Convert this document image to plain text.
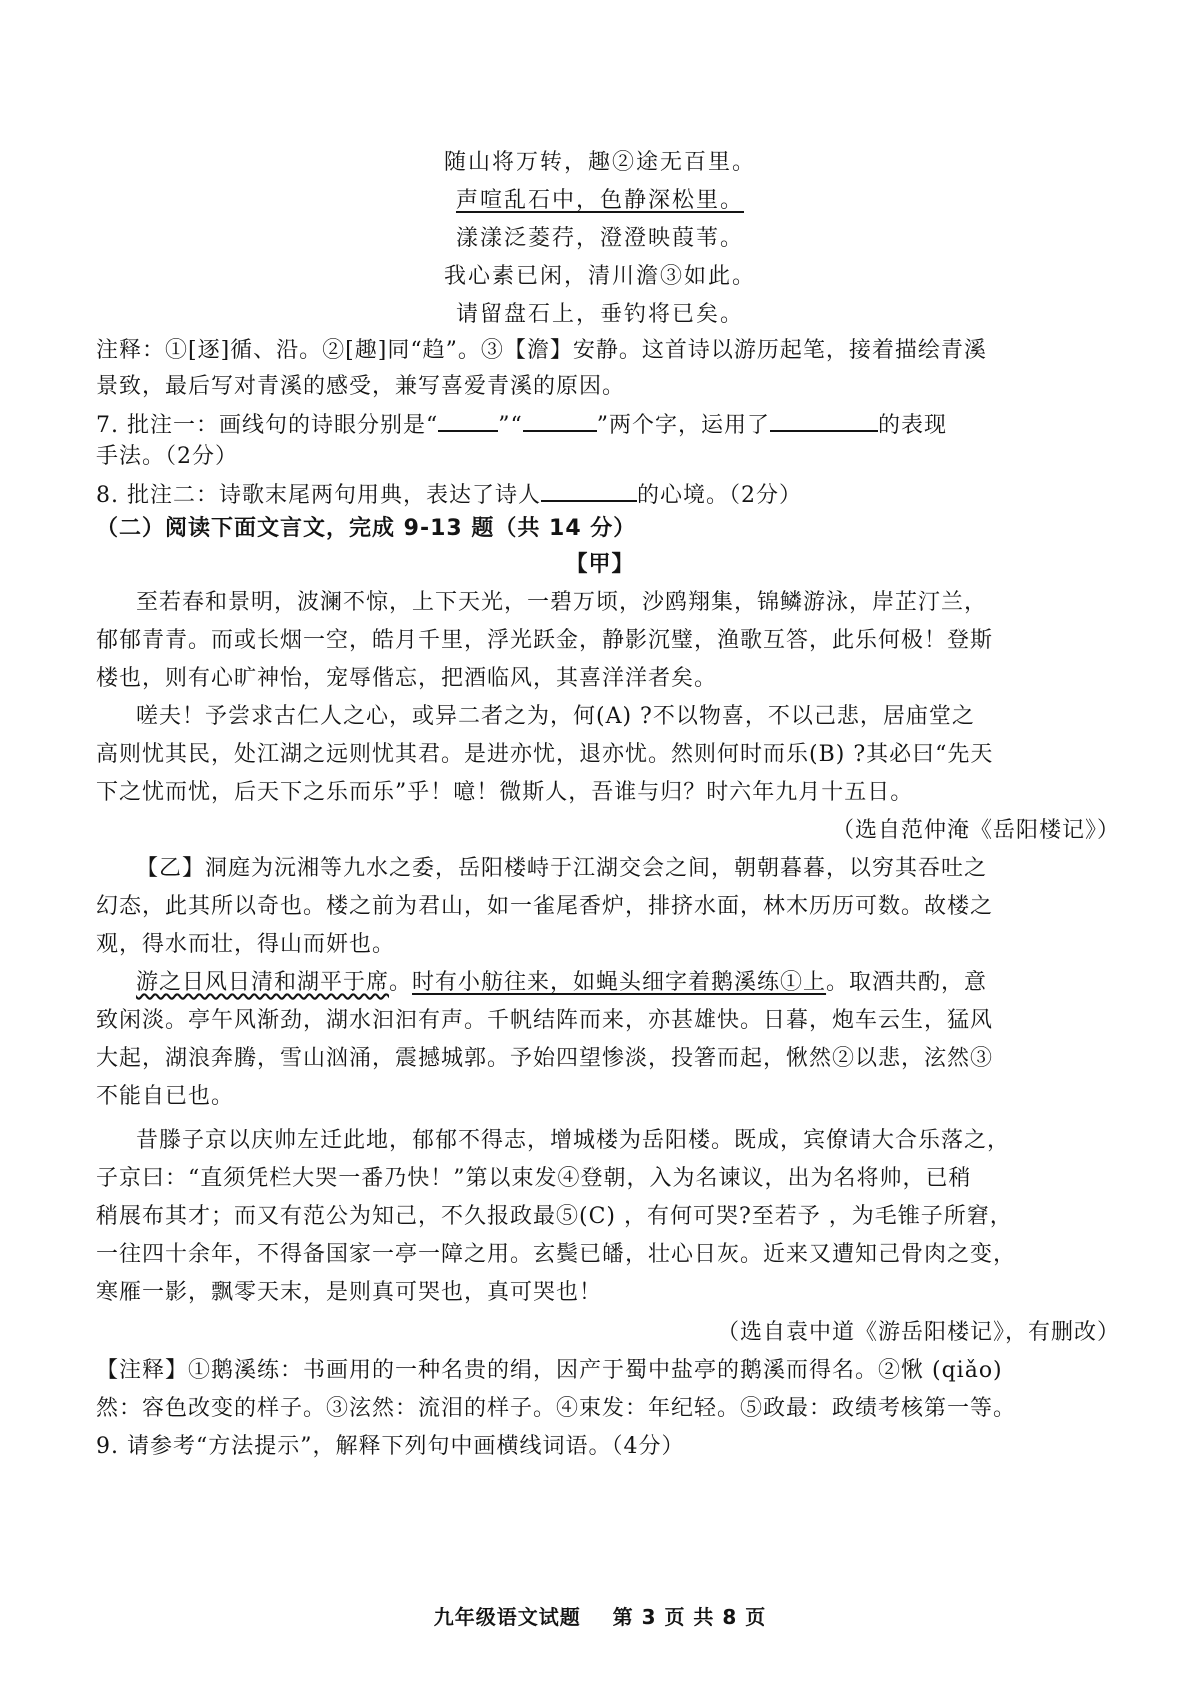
随山将万转，趣②途无百里。
声喧乱石中，色静深松里。
漾漾泛菱荇，澄澄映葭苇。
我心素已闲，清川澹③如此。
请留盘石上，垂钓将已矣。
注释：①[逐]循、沿。②[趣]同“趋”。③【澹】安静。这首诗以游历起笔，接着描绘青溪
景致，最后写对青溪的感受，兼写喜爱青溪的原因。
7. 批注一：画线句的诗眼分别是“	”“	”两个字，运用了	的表现
手法。（2分）
8. 批注二：诗歌末尾两句用典，表达了诗人	的心境。（2分）
（二）阅读下面文言文，完成 9-13 题（共 14 分）
【甲】
至若春和景明，波澜不惊，上下天光，一碧万顷，沙鸥翔集，锦鳞游泳，岸芷汀兰，
郁郁青青。而或长烟一空，皓月千里，浮光跃金，静影沉璧，渔歌互答，此乐何极！登斯
楼也，则有心旷神怡，宠辱偕忘，把酒临风，其喜洋洋者矣。
嗟夫！予尝求古仁人之心，或异二者之为，何(A) ?不以物喜，不以己悲，居庙堂之
高则忧其民，处江湖之远则忧其君。是进亦忧，退亦忧。然则何时而乐(B) ?其必曰“先天
下之忧而忧，后天下之乐而乐”乎！噫！微斯人，吾谁与归？时六年九月十五日。
（选自范仲淹《岳阳楼记》）
【乙】洞庭为沅湘等九水之委，岳阳楼峙于江湖交会之间，朝朝暮暮，以穷其吞吐之
幻态，此其所以奇也。楼之前为君山，如一雀尾香炉，排挤水面，林木历历可数。故楼之
观，得水而壮，得山而妍也。
游之日风日清和湖平于席。时有小舫往来，如蝇头细字着鹅溪练①上。取酒共酌，意
致闲淡。亭午风渐劲，湖水汩汩有声。千帆结阵而来，亦甚雄快。日暮，炮车云生，猛风
大起，湖浪奔腾，雪山汹涌，震撼城郭。予始四望惨淡，投箸而起，愀然②以悲，泫然③
不能自已也。
昔滕子京以庆帅左迁此地，郁郁不得志，增城楼为岳阳楼。既成，宾僚请大合乐落之，
子京曰：“直须凭栏大哭一番乃快！”第以束发④登朝，入为名谏议，出为名将帅，已稍
稍展布其才；而又有范公为知己，不久报政最⑤(C) ，有何可哭?至若予 ，为毛锥子所窘，
一往四十余年，不得备国家一亭一障之用。玄鬓已皤，壮心日灰。近来又遭知己骨肉之变，
寒雁一影，飘零天末，是则真可哭也，真可哭也！
（选自袁中道《游岳阳楼记》，有删改）
【注释】①鹅溪练：书画用的一种名贵的绢，因产于蜀中盐亭的鹅溪而得名。②愀 (qiǎo)
然：容色改变的样子。③泫然：流泪的样子。④束发：年纪轻。⑤政最：政绩考核第一等。
9. 请参考“方法提示”，解释下列句中画横线词语。（4分）
九年级语文试题    第 3 页 共 8 页
